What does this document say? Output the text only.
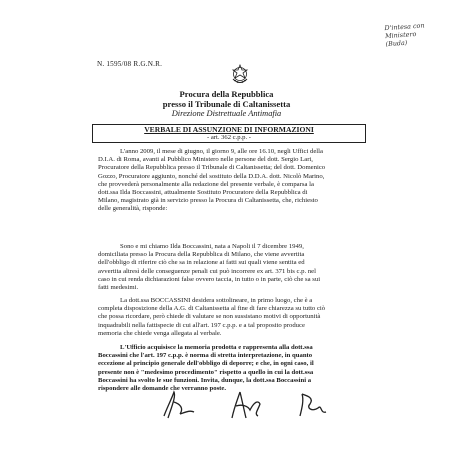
D'intesa con
Ministero
(Buda)
N. 1595/08 R.G.N.R.
Procura della Repubblica
presso il Tribunale di Caltanissetta
Direzione Distrettuale Antimafia
VERBALE DI ASSUNZIONE DI INFORMAZIONI
- art. 362 c.p.p. -
L'anno 2009, il mese di giugno, il giorno 9, alle ore 16.10, negli Uffici della
D.I.A. di Roma, avanti al Pubblico Ministero nelle persone del dott. Sergio Lari,
Procuratore della Repubblica presso il Tribunale di Caltanissetta; del dott. Domenico
Gozzo, Procuratore aggiunto, nonché del sostituto della D.D.A. dott. Nicolò Marino,
che provvederà personalmente alla redazione del presente verbale, è comparsa la
dott.ssa Ilda Boccassini, attualmente Sostituto Procuratore della Repubblica di
Milano, magistrato già in servizio presso la Procura di Caltanissetta, che, richiesto
delle generalità, risponde:
Sono e mi chiamo Ilda Boccassini, nata a Napoli il 7 dicembre 1949,
domiciliata presso la Procura della Repubblica di Milano, che viene avvertita
dell'obbligo di riferire ciò che sa in relazione ai fatti sui quali viene sentita ed
avvertita altresì delle conseguenze penali cui può incorrere ex art. 371 bis c.p. nel
caso in cui renda dichiarazioni false ovvero taccia, in tutto o in parte, ciò che sa sui
fatti medesimi.
La dott.ssa BOCCASSINI desidera sottolineare, in primo luogo, che è a
completa disposizione della A.G. di Caltanissetta al fine di fare chiarezza su tutto ciò
che possa ricordare, però chiede di valutare se non sussistano motivi di opportunità
inquadrabili nella fattispecie di cui all'art. 197 c.p.p. e a tal proposito produce
memoria che chiede venga allegata al verbale.
L'Ufficio acquisisce la memoria prodotta e rappresenta alla dott.ssa
Boccassini che l'art. 197 c.p.p. è norma di stretta interpretazione, in quanto
eccezione al principio generale dell'obbligo di deporre; e che, in ogni caso, il
presente non è "medesimo procedimento" rispetto a quello in cui la dott.ssa
Boccassini ha svolto le sue funzioni. Invita, dunque, la dott.ssa Boccassini a
rispondere alle domande che verranno poste.
